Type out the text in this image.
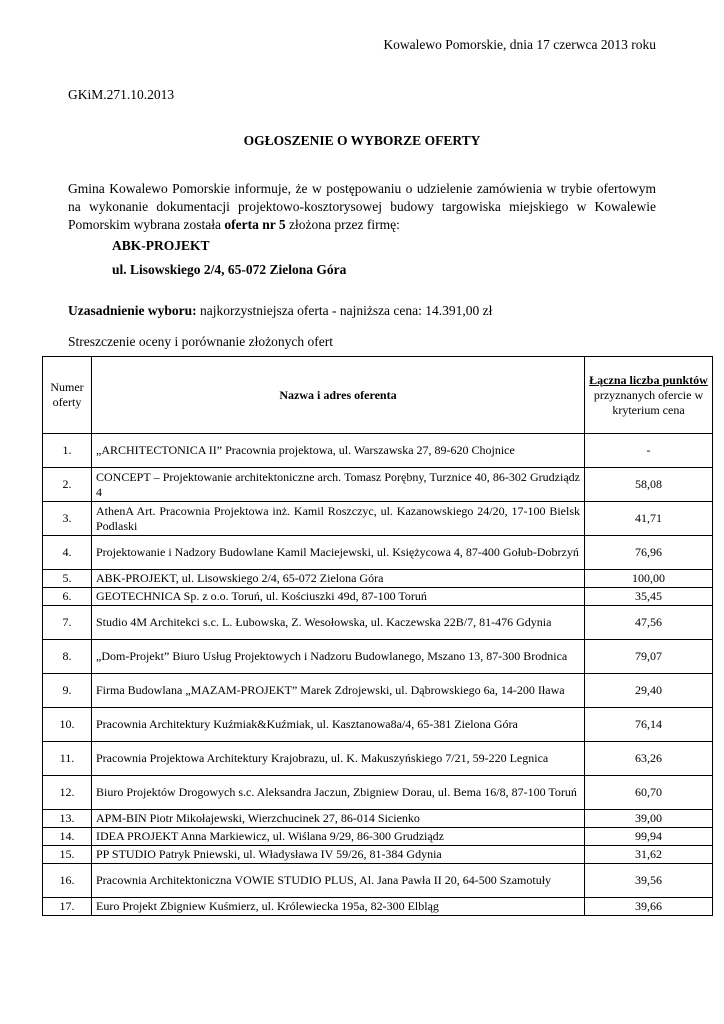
Kowalewo Pomorskie, dnia 17 czerwca 2013 roku
GKiM.271.10.2013
OGŁOSZENIE O WYBORZE OFERTY
Gmina Kowalewo Pomorskie informuje, że w postępowaniu o udzielenie zamówienia w trybie ofertowym na wykonanie dokumentacji projektowo-kosztorysowej budowy targowiska miejskiego w Kowalewie Pomorskim wybrana została oferta nr 5 złożona przez firmę:
ABK-PROJEKT
ul. Lisowskiego 2/4, 65-072 Zielona Góra
Uzasadnienie wyboru: najkorzystniejsza oferta - najniższa cena: 14.391,00 zł
Streszczenie oceny i porównanie złożonych ofert
Numer oferty	Nazwa i adres oferenta	Łączna liczba punktów przyznanych ofercie w kryterium cena
1.	„ARCHITECTONICA II” Pracownia projektowa, ul. Warszawska 27, 89-620 Chojnice	-
2.	CONCEPT – Projektowanie architektoniczne arch. Tomasz Porębny, Turznice 40, 86-302 Grudziądz 4	58,08
3.	AthenA Art. Pracownia Projektowa inż. Kamil Roszczyc, ul. Kazanowskiego 24/20, 17-100 Bielsk Podlaski	41,71
4.	Projektowanie i Nadzory Budowlane Kamil Maciejewski, ul. Księżycowa 4, 87-400 Gołub-Dobrzyń	76,96
5.	ABK-PROJEKT, ul. Lisowskiego 2/4, 65-072 Zielona Góra	100,00
6.	GEOTECHNICA Sp. z o.o. Toruń, ul. Kościuszki 49d, 87-100 Toruń	35,45
7.	Studio 4M Architekci s.c. L. Łubowska, Z. Wesołowska, ul. Kaczewska 22B/7, 81-476 Gdynia	47,56
8.	„Dom-Projekt” Biuro Usług Projektowych i Nadzoru Budowlanego, Mszano 13, 87-300 Brodnica	79,07
9.	Firma Budowlana „MAZAM-PROJEKT” Marek Zdrojewski, ul. Dąbrowskiego 6a, 14-200 Iława	29,40
10.	Pracownia Architektury Kuźmiak&Kuźmiak, ul. Kasztanowa8a/4, 65-381 Zielona Góra	76,14
11.	Pracownia Projektowa Architektury Krajobrazu, ul. K. Makuszyńskiego 7/21, 59-220 Legnica	63,26
12.	Biuro Projektów Drogowych s.c. Aleksandra Jaczun, Zbigniew Dorau, ul. Bema 16/8, 87-100 Toruń	60,70
13.	APM-BIN Piotr Mikołajewski, Wierzchucinek 27, 86-014 Sicienko	39,00
14.	IDEA PROJEKT Anna Markiewicz, ul. Wiślana 9/29, 86-300 Grudziądz	99,94
15.	PP STUDIO Patryk Pniewski, ul. Władysława IV 59/26, 81-384 Gdynia	31,62
16.	Pracownia Architektoniczna VOWIE STUDIO PLUS, Al. Jana Pawła II 20, 64-500 Szamotuły	39,56
17.	Euro Projekt Zbigniew Kuśmierz, ul. Królewiecka 195a, 82-300 Elbląg	39,66
